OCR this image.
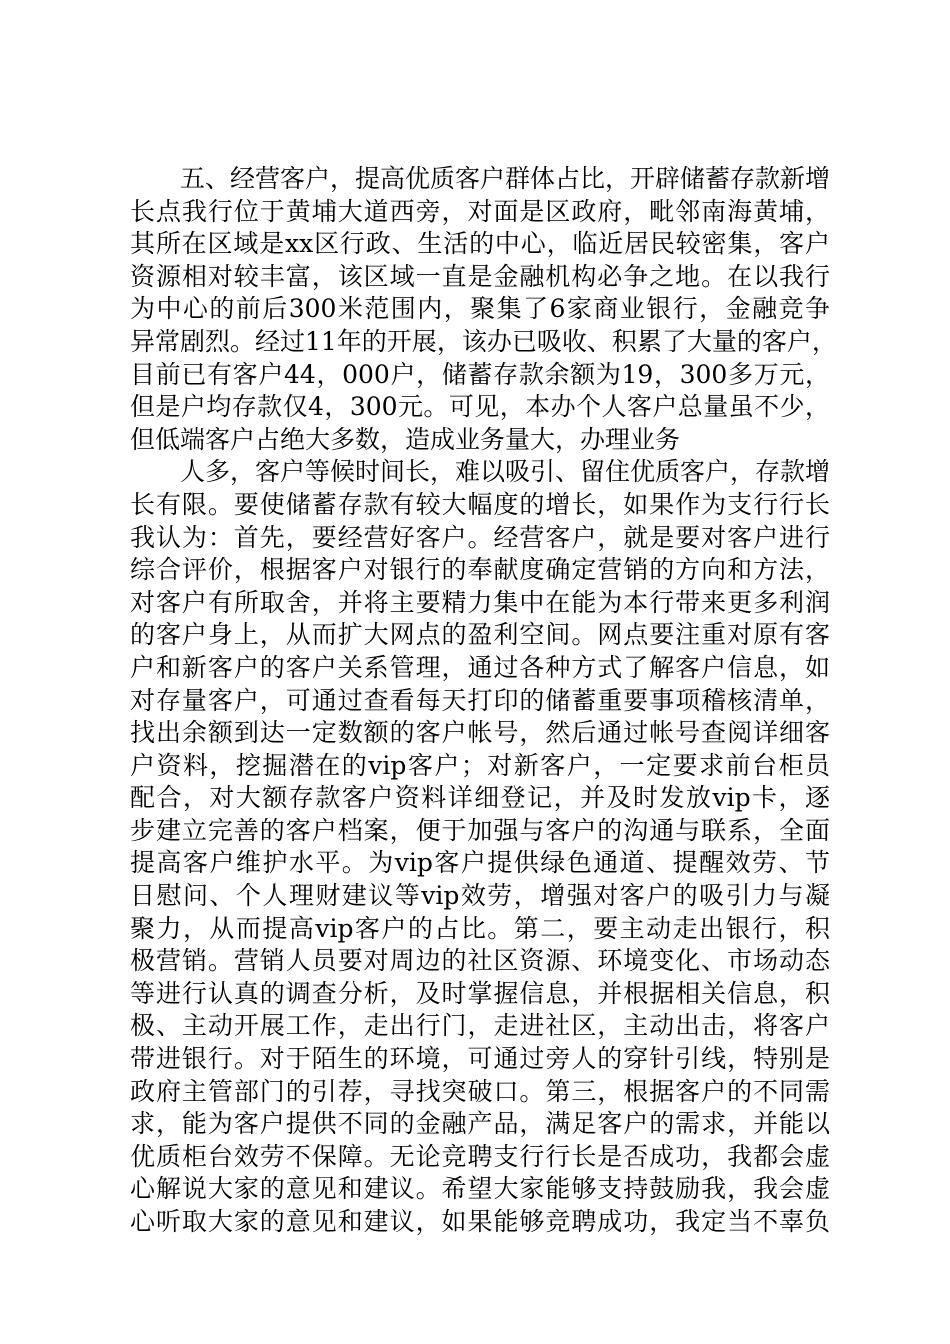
　　五、经营客户，提高优质客户群体占比，开辟储蓄存款新增
长点我行位于黄埔大道西旁，对面是区政府，毗邻南海黄埔，
其所在区域是xx区行政、生活的中心，临近居民较密集，客户
资源相对较丰富，该区域一直是金融机构必争之地。在以我行
为中心的前后300米范围内，聚集了6家商业银行，金融竞争
异常剧烈。经过11年的开展，该办已吸收、积累了大量的客户，
目前已有客户44，000户，储蓄存款余额为19，300多万元，
但是户均存款仅4，300元。可见，本办个人客户总量虽不少，
但低端客户占绝大多数，造成业务量大，办理业务
　　人多，客户等候时间长，难以吸引、留住优质客户，存款增
长有限。要使储蓄存款有较大幅度的增长，如果作为支行行长
我认为：首先，要经营好客户。经营客户，就是要对客户进行
综合评价，根据客户对银行的奉献度确定营销的方向和方法，
对客户有所取舍，并将主要精力集中在能为本行带来更多利润
的客户身上，从而扩大网点的盈利空间。网点要注重对原有客
户和新客户的客户关系管理，通过各种方式了解客户信息，如
对存量客户，可通过查看每天打印的储蓄重要事项稽核清单，
找出余额到达一定数额的客户帐号，然后通过帐号查阅详细客
户资料，挖掘潜在的vip客户；对新客户，一定要求前台柜员
配合，对大额存款客户资料详细登记，并及时发放vip卡，逐
步建立完善的客户档案，便于加强与客户的沟通与联系，全面
提高客户维护水平。为vip客户提供绿色通道、提醒效劳、节
日慰问、个人理财建议等vip效劳，增强对客户的吸引力与凝
聚力，从而提高vip客户的占比。第二，要主动走出银行，积
极营销。营销人员要对周边的社区资源、环境变化、市场动态
等进行认真的调查分析，及时掌握信息，并根据相关信息，积
极、主动开展工作，走出行门，走进社区，主动出击，将客户
带进银行。对于陌生的环境，可通过旁人的穿针引线，特别是
政府主管部门的引荐，寻找突破口。第三，根据客户的不同需
求，能为客户提供不同的金融产品，满足客户的需求，并能以
优质柜台效劳不保障。无论竞聘支行行长是否成功，我都会虚
心解说大家的意见和建议。希望大家能够支持鼓励我，我会虚
心听取大家的意见和建议，如果能够竞聘成功，我定当不辜负
